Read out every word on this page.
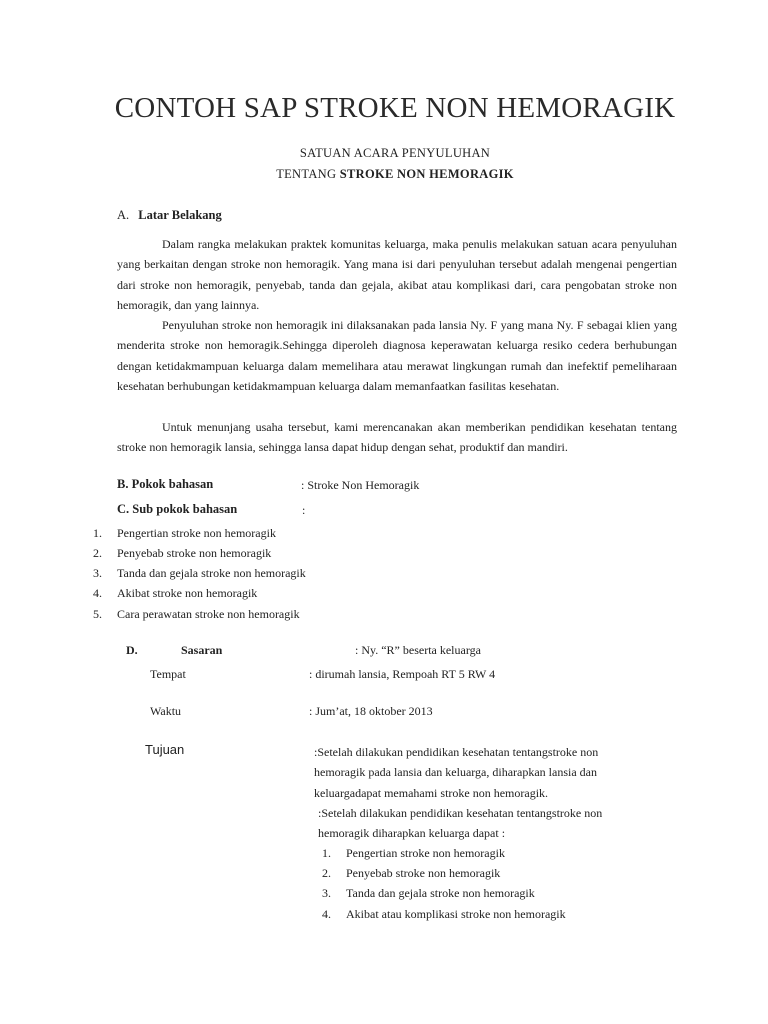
CONTOH SAP STROKE NON HEMORAGIK
SATUAN ACARA PENYULUHAN
TENTANG STROKE NON HEMORAGIK
A. Latar Belakang

Dalam rangka melakukan praktek komunitas keluarga, maka penulis melakukan satuan acara penyuluhan yang berkaitan dengan stroke non hemoragik. Yang mana isi dari penyuluhan tersebut adalah mengenai pengertian dari stroke non hemoragik, penyebab, tanda dan gejala, akibat atau komplikasi dari, cara pengobatan stroke non hemoragik, dan yang lainnya.

Penyuluhan stroke non hemoragik ini dilaksanakan pada lansia Ny. F yang mana Ny. F sebagai klien yang menderita stroke non hemoragik.Sehingga diperoleh diagnosa keperawatan keluarga resiko cedera berhubungan dengan ketidakmampuan keluarga dalam memelihara atau merawat lingkungan rumah dan inefektif pemeliharaan kesehatan berhubungan ketidakmampuan keluarga dalam memanfaatkan fasilitas kesehatan.

Untuk menunjang usaha tersebut, kami merencanakan akan memberikan pendidikan kesehatan tentang stroke non hemoragik lansia, sehingga lansa dapat hidup dengan sehat, produktif dan mandiri.

B. Pokok bahasan	: Stroke Non Hemoragik
C. Sub pokok bahasan	:
1. Pengertian stroke non hemoragik
2. Penyebab stroke non hemoragik
3. Tanda dan gejala stroke non hemoragik
4. Akibat stroke non hemoragik
5. Cara perawatan stroke non hemoragik
D.	Sasaran	: Ny. “R” beserta keluarga
Tempat	: dirumah lansia, Rempoah RT 5 RW 4
Waktu	: Jum’at, 18 oktober 2013
Tujuan	:Setelah dilakukan pendidikan kesehatan tentangstroke non hemoragik pada lansia dan keluarga, diharapkan lansia dan keluargadapat memahami stroke non hemoragik.
:Setelah dilakukan pendidikan kesehatan tentangstroke non hemoragik diharapkan keluarga dapat :
1. Pengertian stroke non hemoragik
2. Penyebab stroke non hemoragik
3. Tanda dan gejala stroke non hemoragik
4. Akibat atau komplikasi stroke non hemoragik
